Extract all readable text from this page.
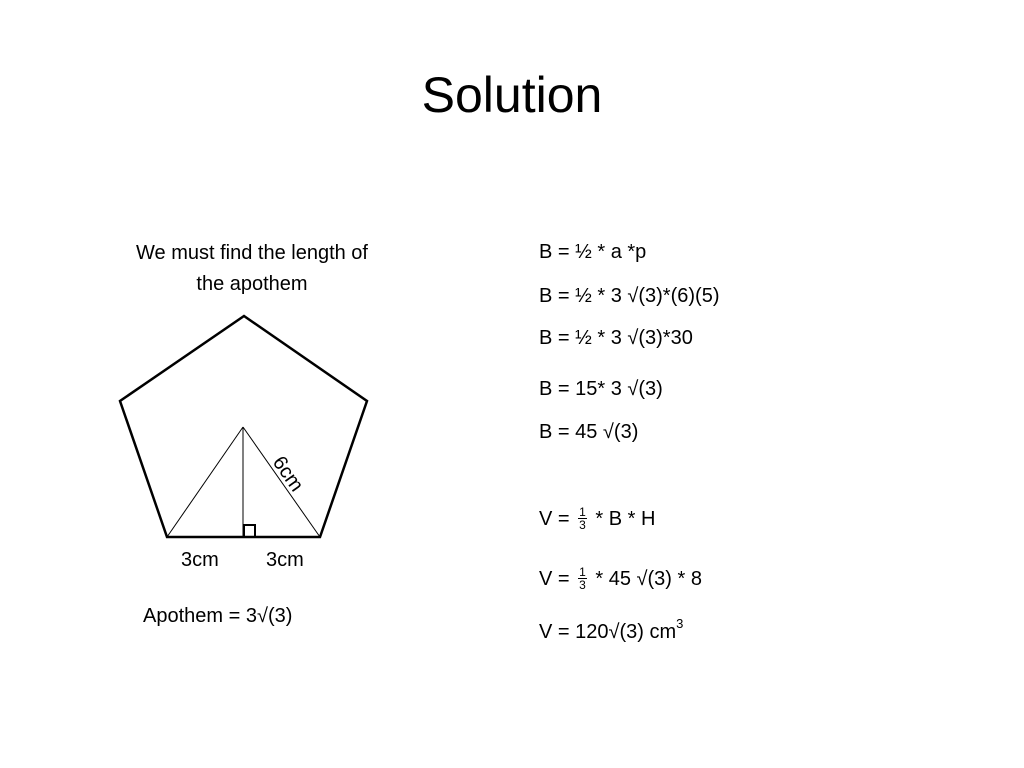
Solution
We must find the length of
the apothem
6cm
3cm 3cm
Apothem = 3√(3)
B = ½ * a *p
B = ½ * 3 √(3)*(6)(5)
B = ½ * 3 √(3)*30
B = 15* 3 √(3)
B = 45 √(3)
$V = \frac{1}{3} * B * H$
$V = \frac{1}{3} * 45$ √(3) * 8
V = 120√(3) $cm^3$
